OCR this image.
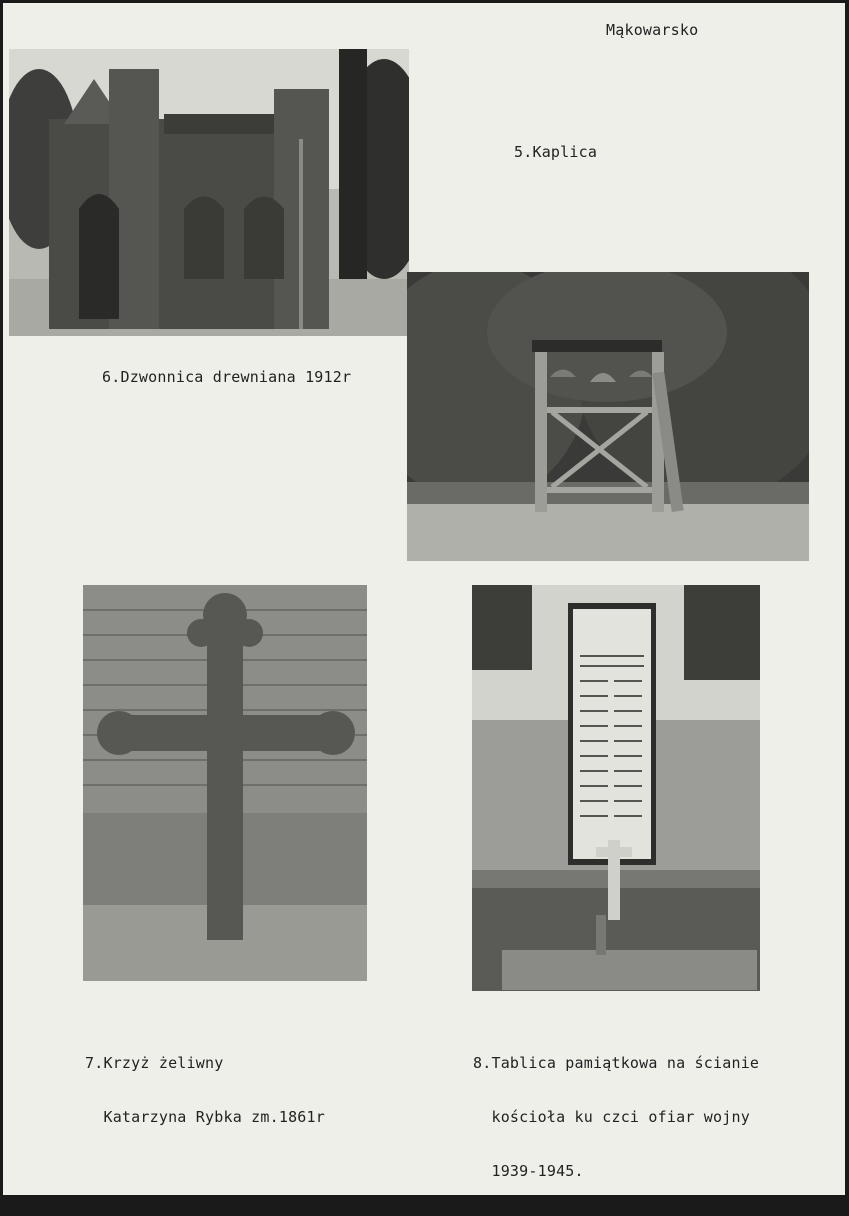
Mąkowarsko
5.Kaplica
6.Dzwonnica drewniana 1912r

7.Krzyż żeliwny

Katarzyna Rybka zm.1861r

8.Tablica pamiątkowa na ścianie

kościoła ku czci ofiar wojny

1939-1945.
